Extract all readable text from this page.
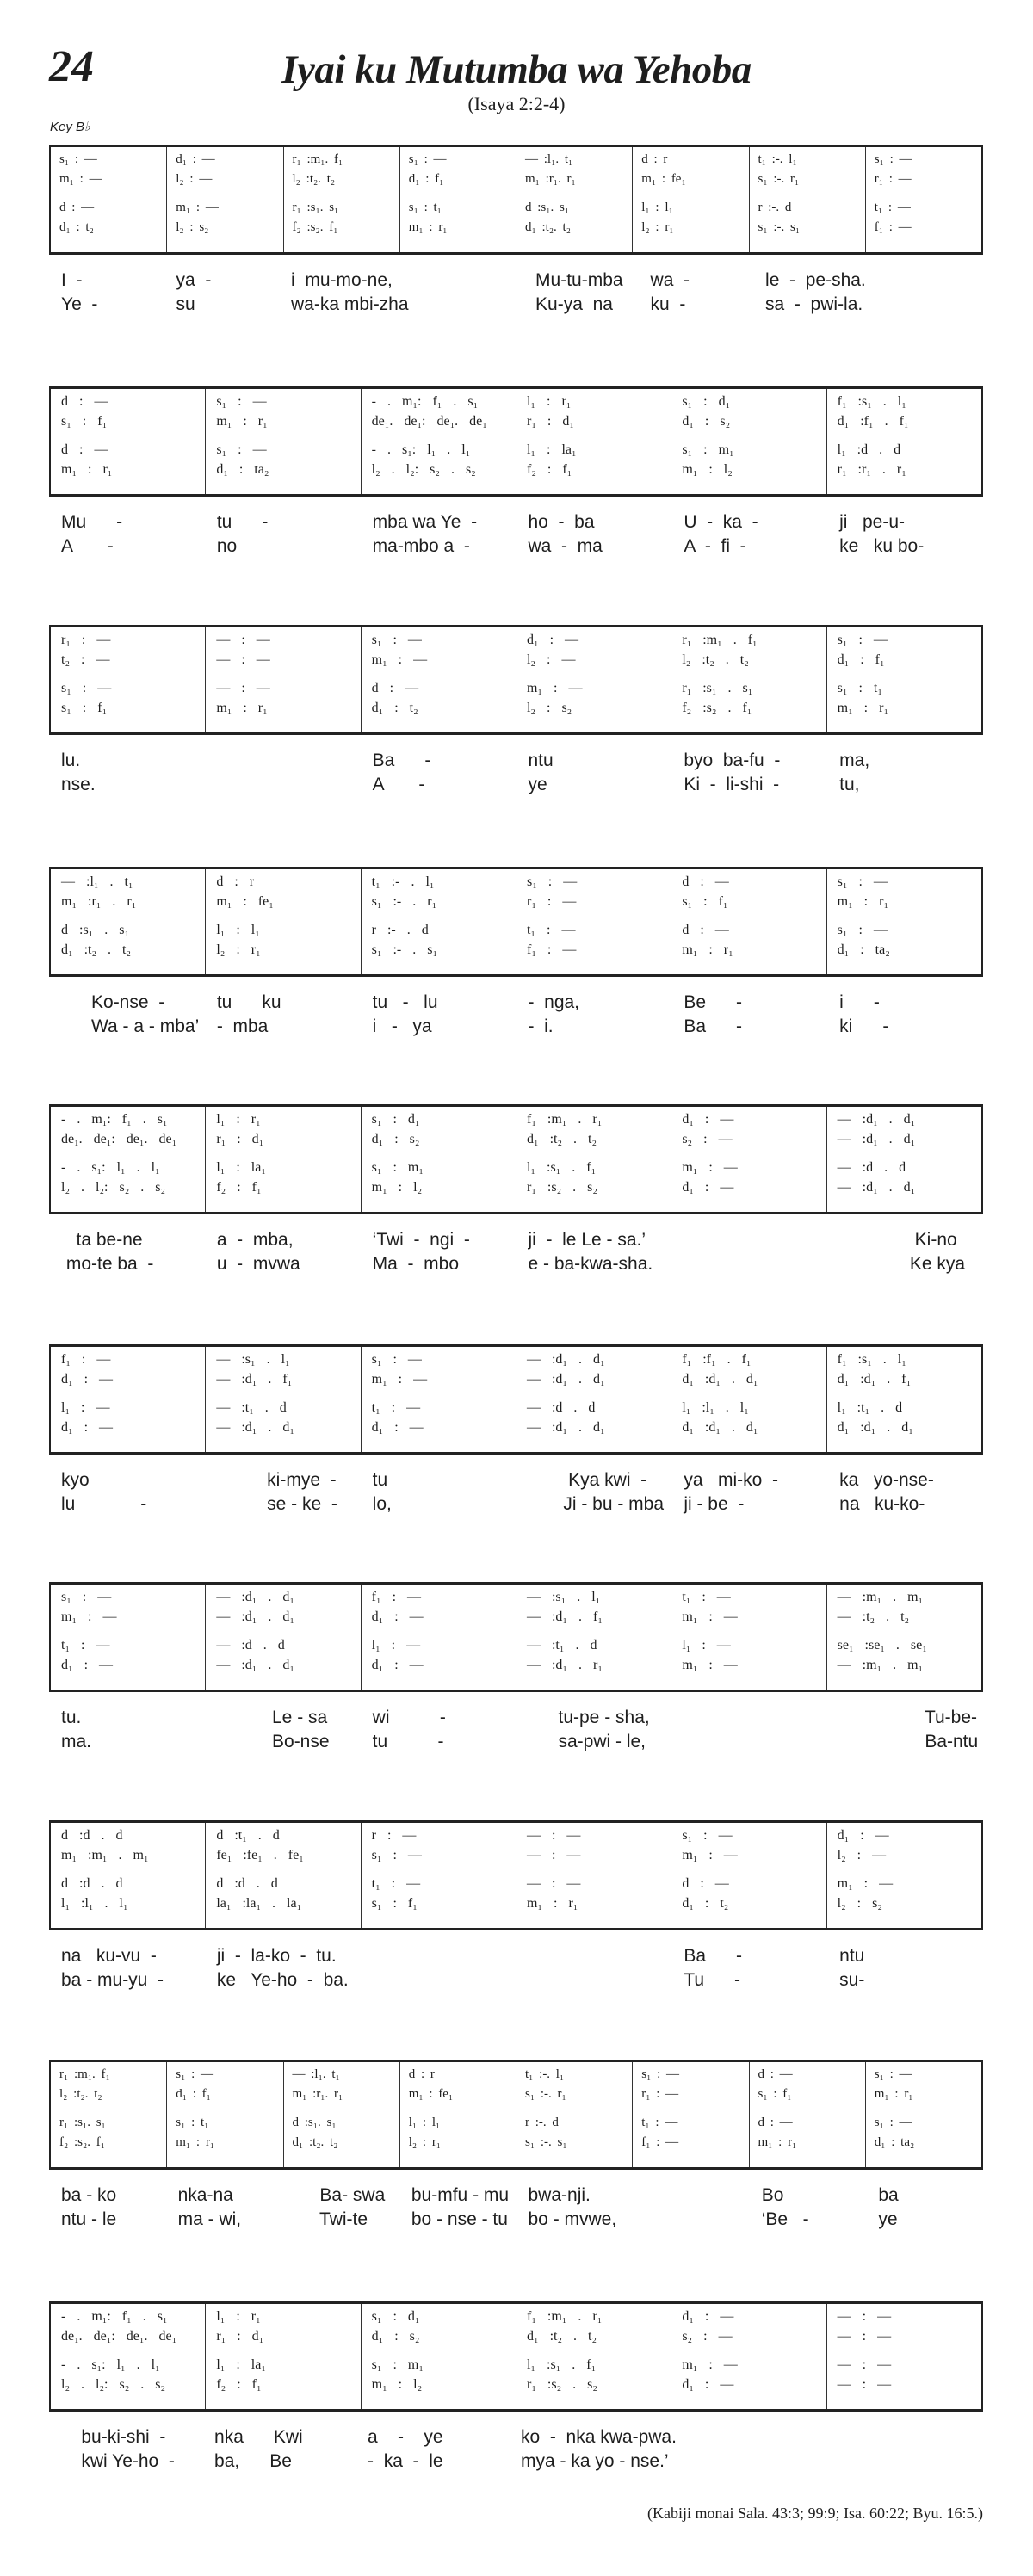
24	Iyai ku Mutumba wa Yehoba
(Isaya 2:2-4)
Key B♭
s₁ : —
m₁ : —
d : —
d₁ : t₂
d₁ : —
l₂ : —
m₁ : —
l₂ : s₂
r₁ :m₁. f₁
l₂ :t₂. t₂
r₁ :s₁. s₁
f₂ :s₂. f₁
s₁ : —
d₁ : f₁
s₁ : t₁
m₁ : r₁
— :l₁. t₁
m₁ :r₁. r₁
d :s₁. s₁
d₁ :t₂. t₂
d : r
m₁ : fe₁
l₁ : l₁
l₂ : r₁
t₁ :-. l₁
s₁ :-. r₁
r :-. d
s₁ :-. s₁
s₁ : —
r₁ : —
t₁ : —
f₁ : —
I  -
Ye  -
ya  -
su
i  mu-mo-ne,
wa-ka mbi-zha
Mu-tu-mba
Ku-ya  na
wa  -
ku  -
le  -  pe-sha.
sa  -  pwi-la.
d : —
s₁ : f₁
d : —
m₁ : r₁
s₁ : —
m₁ : r₁
s₁ : —
d₁ : ta₂
- . m₁: f₁ . s₁
de₁. de₁: de₁. de₁
- . s₁: l₁ . l₁
l₂ . l₂: s₂ . s₂
l₁ : r₁
r₁ : d₁
l₁ : la₁
f₂ : f₁
s₁ : d₁
d₁ : s₂
s₁ : m₁
m₁ : l₂
f₁ :s₁ . l₁
d₁ :f₁ . f₁
l₁ :d . d
r₁ :r₁ . r₁
Mu      -
A       -
tu      -
no
mba wa Ye  -
ma-mbo a  -
ho  -  ba
wa  -  ma
U  -  ka  -
A  -  fi  -
ji   pe-u-
ke   ku bo-
r₁ : —
t₂ : —
s₁ : —
s₁ : f₁
— : —
— : —
— : —
m₁ : r₁
s₁ : —
m₁ : —
d : —
d₁ : t₂
d₁ : —
l₂ : —
m₁ : —
l₂ : s₂
r₁ :m₁ . f₁
l₂ :t₂ . t₂
r₁ :s₁ . s₁
f₂ :s₂ . f₁
s₁ : —
d₁ : f₁
s₁ : t₁
m₁ : r₁
lu.
nse.
Ba      -
A       -
ntu
ye
byo  ba-fu  -
Ki  -  li-shi  -
ma,
tu,
— :l₁ . t₁
m₁ :r₁ . r₁
d :s₁ . s₁
d₁ :t₂ . t₂
d : r
m₁ : fe₁
l₁ : l₁
l₂ : r₁
t₁ :- . l₁
s₁ :- . r₁
r :- . d
s₁ :- . s₁
s₁ : —
r₁ : —
t₁ : —
f₁ : —
d : —
s₁ : f₁
d : —
m₁ : r₁
s₁ : —
m₁ : r₁
s₁ : —
d₁ : ta₂
Ko-nse  -
Wa - a - mba’
tu      ku
-  mba
tu   -   lu
i   -   ya
-  nga,
-  i.
Be      -
Ba      -
i      -
ki      -
- . m₁: f₁ . s₁
de₁. de₁: de₁. de₁
- . s₁: l₁ . l₁
l₂ . l₂: s₂ . s₂
l₁ : r₁
r₁ : d₁
l₁ : la₁
f₂ : f₁
s₁ : d₁
d₁ : s₂
s₁ : m₁
m₁ : l₂
f₁ :m₁ . r₁
d₁ :t₂ . t₂
l₁ :s₁ . f₁
r₁ :s₂ . s₂
d₁ : —
s₂ : —
m₁ : —
d₁ : —
— :d₁ . d₁
— :d₁ . d₁
— :d . d
— :d₁ . d₁
ta be-ne
mo-te ba  -
a  -  mba,
u  -  mvwa
‘Twi  -  ngi  -
Ma  -  mbo
ji  -  le Le - sa.’
e - ba-kwa-sha.
Ki-no
Ke kya
f₁ : —
d₁ : —
l₁ : —
d₁ : —
— :s₁ . l₁
— :d₁ . f₁
— :t₁ . d
— :d₁ . d₁
s₁ : —
m₁ : —
t₁ : —
d₁ : —
— :d₁ . d₁
— :d₁ . d₁
— :d . d
— :d₁ . d₁
f₁ :f₁ . f₁
d₁ :d₁ . d₁
l₁ :l₁ . l₁
d₁ :d₁ . d₁
f₁ :s₁ . l₁
d₁ :d₁ . f₁
l₁ :t₁ . d
d₁ :d₁ . d₁
kyo
lu             -
ki-mye  -
se - ke  -
tu
lo,
Kya kwi  -
Ji - bu - mba
ya   mi-ko  -
ji - be  -
ka   yo-nse-
na   ku-ko-
s₁ : —
m₁ : —
t₁ : —
d₁ : —
— :d₁ . d₁
— :d₁ . d₁
— :d . d
— :d₁ . d₁
f₁ : —
d₁ : —
l₁ : —
d₁ : —
— :s₁ . l₁
— :d₁ . f₁
— :t₁ . d
— :d₁ . r₁
t₁ : —
m₁ : —
l₁ : —
m₁ : —
— :m₁ . m₁
— :t₂ . t₂
se₁ :se₁ . se₁
— :m₁ . m₁
tu.
ma.
Le - sa
Bo-nse
wi          -
tu          -
tu-pe - sha,
sa-pwi - le,
Tu-be-
Ba-ntu
d :d . d
m₁ :m₁ . m₁
d :d . d
l₁ :l₁ . l₁
d :t₁ . d
fe₁ :fe₁ . fe₁
d :d . d
la₁ :la₁ . la₁
r : —
s₁ : —
t₁ : —
s₁ : f₁
— : —
— : —
— : —
m₁ : r₁
s₁ : —
m₁ : —
d : —
d₁ : t₂
d₁ : —
l₂ : —
m₁ : —
l₂ : s₂
na   ku-vu  -
ba - mu-yu  -
ji  -  la-ko  -  tu.
ke   Ye-ho  -  ba.
Ba      -
Tu      -
ntu
su-
r₁ :m₁. f₁
l₂ :t₂. t₂
r₁ :s₁. s₁
f₂ :s₂. f₁
s₁ : —
d₁ : f₁
s₁ : t₁
m₁ : r₁
— :l₁. t₁
m₁ :r₁. r₁
d :s₁. s₁
d₁ :t₂. t₂
d : r
m₁ : fe₁
l₁ : l₁
l₂ : r₁
t₁ :-. l₁
s₁ :-. r₁
r :-. d
s₁ :-. s₁
s₁ : —
r₁ : —
t₁ : —
f₁ : —
d : —
s₁ : f₁
d : —
m₁ : r₁
s₁ : —
m₁ : r₁
s₁ : —
d₁ : ta₂
ba - ko
ntu - le
nka-na
ma - wi,
Ba- swa
Twi-te
bu-mfu - mu
bo - nse - tu
bwa-nji.
bo - mvwe,
Bo
‘Be   -
ba
ye
- . m₁: f₁ . s₁
de₁. de₁: de₁. de₁
- . s₁: l₁ . l₁
l₂ . l₂: s₂ . s₂
l₁ : r₁
r₁ : d₁
l₁ : la₁
f₂ : f₁
s₁ : d₁
d₁ : s₂
s₁ : m₁
m₁ : l₂
f₁ :m₁ . r₁
d₁ :t₂ . t₂
l₁ :s₁ . f₁
r₁ :s₂ . s₂
d₁ : —
s₂ : —
m₁ : —
d₁ : —
— : —
— : —
— : —
— : —
bu-ki-shi  -
kwi Ye-ho  -
nka      Kwi
ba,      Be
a    -    ye
-  ka  -  le
ko  -  nka kwa-pwa.
mya - ka yo - nse.’
(Kabiji monai Sala. 43:3; 99:9; Isa. 60:22; Byu. 16:5.)
